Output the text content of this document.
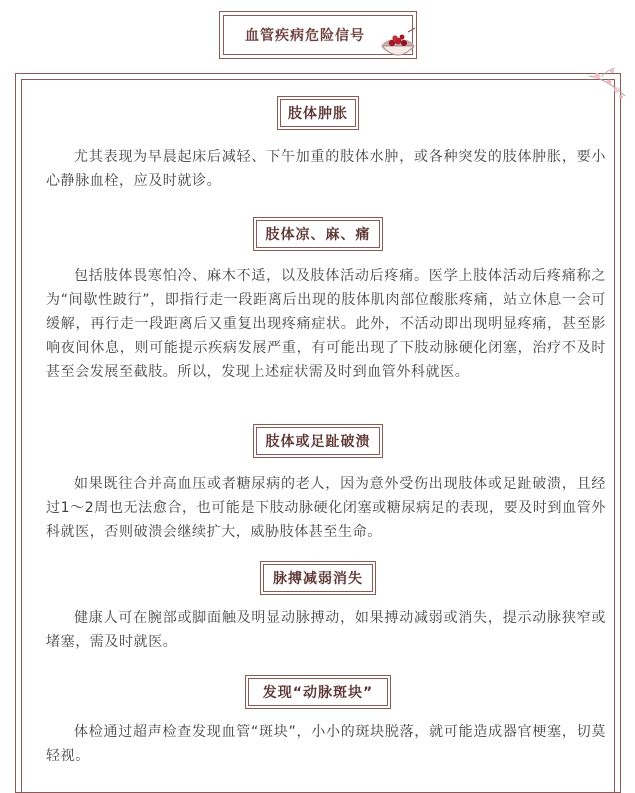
血管疾病危险信号
肢体肿胀
尤其表现为早晨起床后减轻、下午加重的肢体水肿，或各种突发的肢体肿胀，要小心静脉血栓，应及时就诊。
肢体凉、麻、痛
包括肢体畏寒怕冷、麻木不适，以及肢体活动后疼痛。医学上肢体活动后疼痛称之为“间歇性跛行”，即指行走一段距离后出现的肢体肌肉部位酸胀疼痛，站立休息一会可缓解，再行走一段距离后又重复出现疼痛症状。此外，不活动即出现明显疼痛，甚至影响夜间休息，则可能提示疾病发展严重，有可能出现了下肢动脉硬化闭塞，治疗不及时甚至会发展至截肢。所以，发现上述症状需及时到血管外科就医。
肢体或足趾破溃
如果既往合并高血压或者糖尿病的老人，因为意外受伤出现肢体或足趾破溃，且经过1～2周也无法愈合，也可能是下肢动脉硬化闭塞或糖尿病足的表现，要及时到血管外科就医，否则破溃会继续扩大，威胁肢体甚至生命。
脉搏减弱消失
健康人可在腕部或脚面触及明显动脉搏动，如果搏动减弱或消失，提示动脉狭窄或堵塞，需及时就医。
发现“动脉斑块”
体检通过超声检查发现血管“斑块”，小小的斑块脱落，就可能造成器官梗塞，切莫轻视。
